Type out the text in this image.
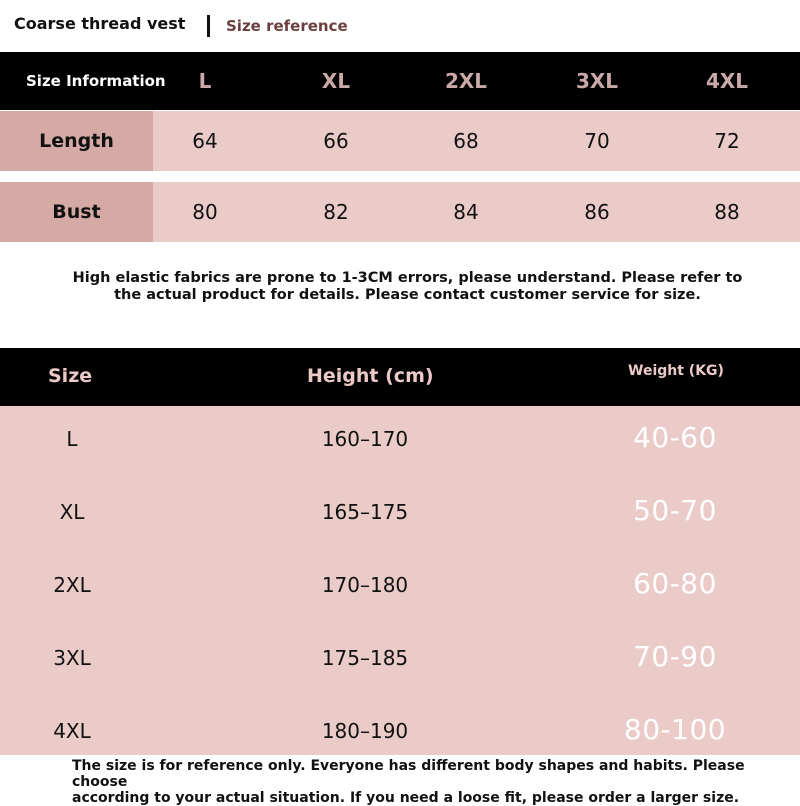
Coarse thread vest	Size reference
Size Information	L	XL	2XL	3XL	4XL
Length	64	66	68	70	72
Bust	80	82	84	86	88
High elastic fabrics are prone to 1-3CM errors, please understand. Please refer to
the actual product for details. Please contact customer service for size.
Size	Height (cm)	Weight (KG)
L	160–170	40-60
XL	165–175	50-70
2XL	170–180	60-80
3XL	175–185	70-90
4XL	180–190	80-100
The size is for reference only. Everyone has different body shapes and habits. Please choose
according to your actual situation. If you need a loose fit, please order a larger size.
